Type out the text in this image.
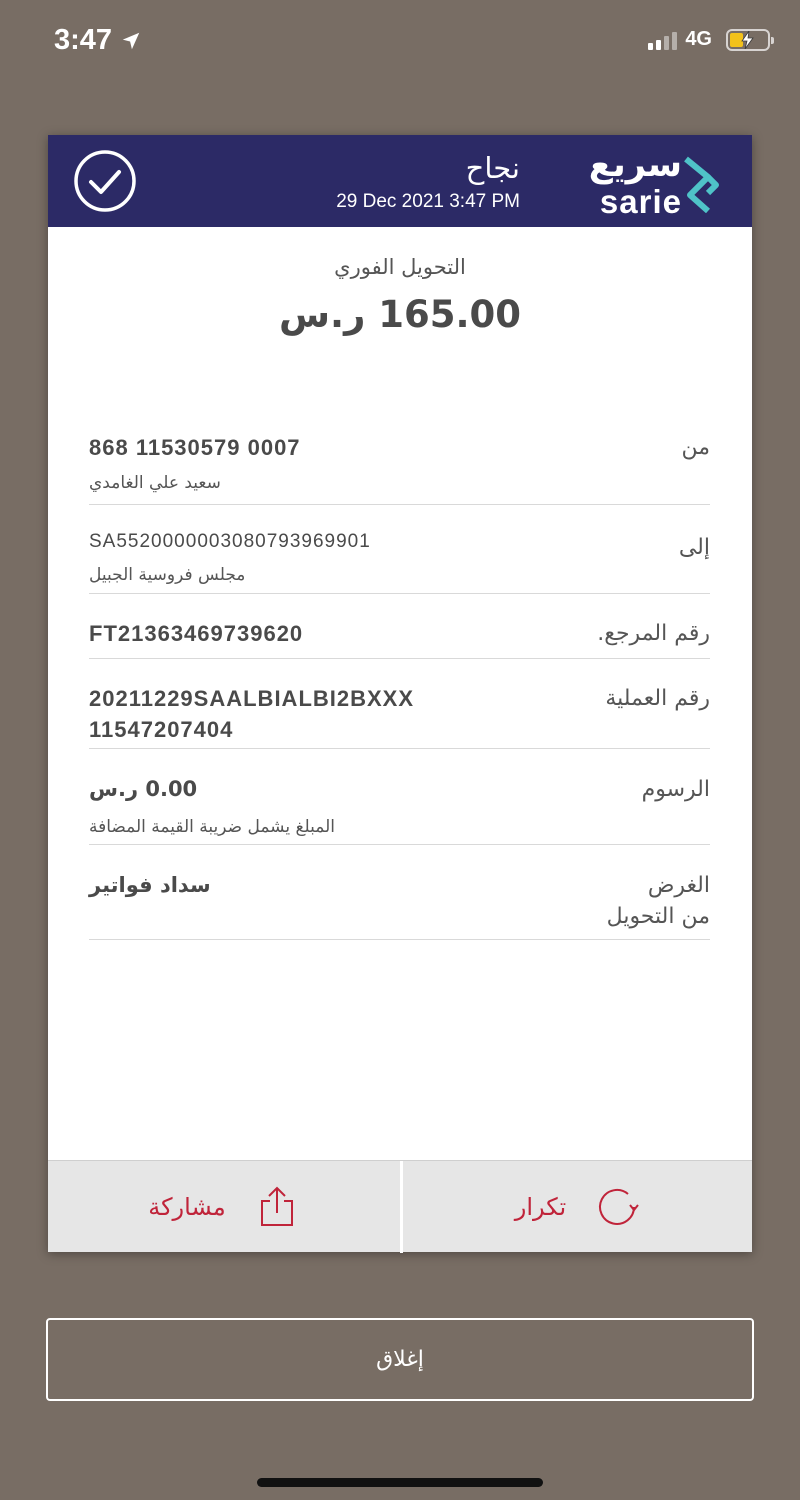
3:47	4G
نجاح
29 Dec 2021 3:47 PM
سريع
sarie
التحويل الفوري
165.00 ر.س
من
868 11530579 0007
سعيد علي الغامدي
إلى
SA5520000003080793969901
مجلس فروسية الجبيل
رقم المرجع.
FT21363469739620
رقم العملية
20211229SAALBIALBI2BXXX
11547207404
الرسوم
0.00 ر.س
المبلغ يشمل ضريبة القيمة المضافة
الغرض
من التحويل
سداد فواتير
مشاركة	تكرار
إغلاق
